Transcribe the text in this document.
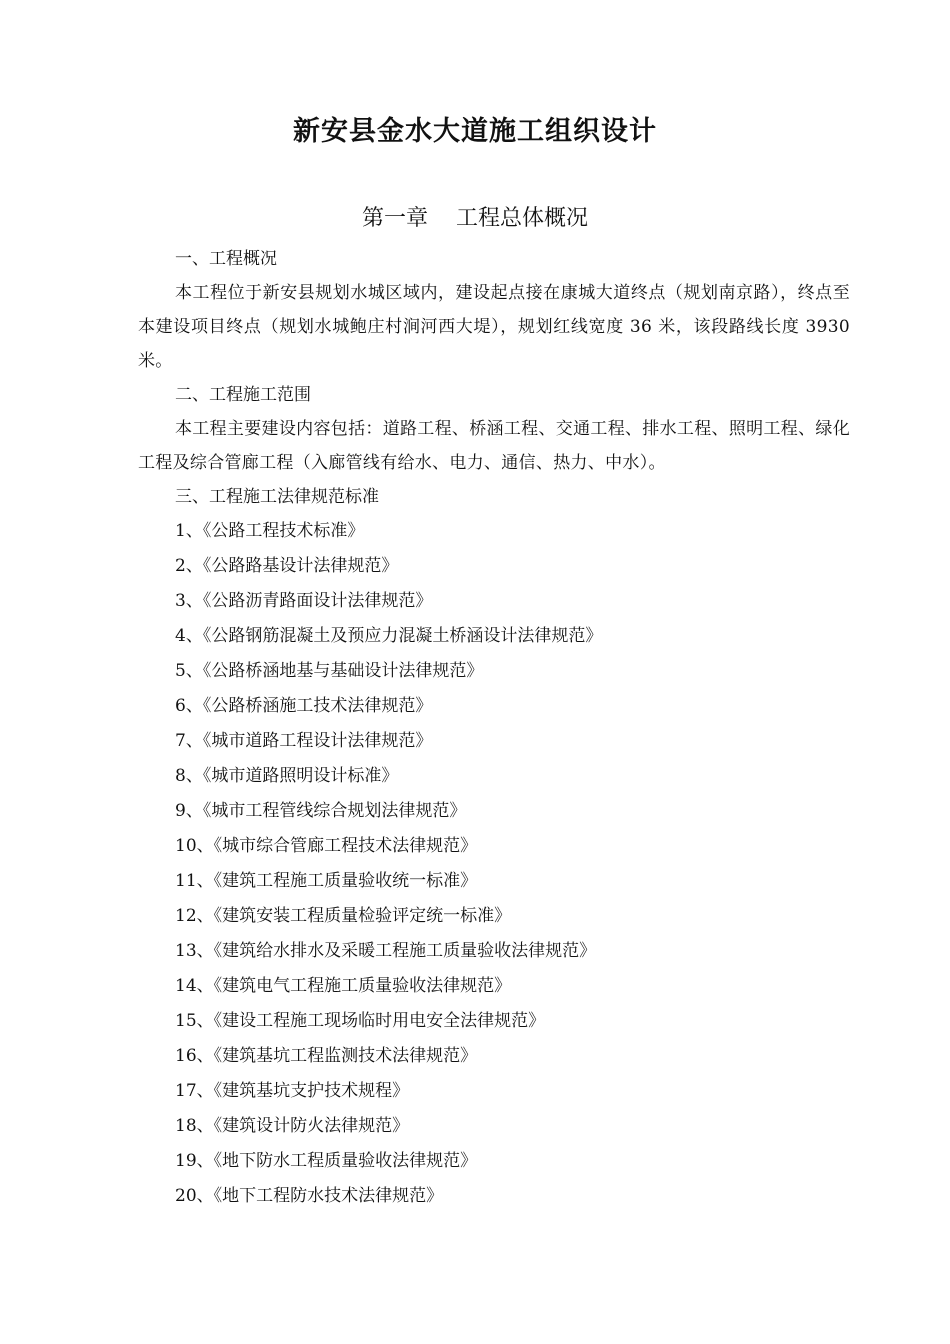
新安县金水大道施工组织设计
第一章    工程总体概况
一、工程概况

本工程位于新安县规划水城区域内，建设起点接在康城大道终点（规划南京路），终点至本建设项目终点（规划水城鲍庄村涧河西大堤），规划红线宽度 36 米，该段路线长度 3930 米。

二、工程施工范围

本工程主要建设内容包括：道路工程、桥涵工程、交通工程、排水工程、照明工程、绿化工程及综合管廊工程（入廊管线有给水、电力、通信、热力、中水）。

三、工程施工法律规范标准
1、《公路工程技术标准》
2、《公路路基设计法律规范》
3、《公路沥青路面设计法律规范》
4、《公路钢筋混凝土及预应力混凝土桥涵设计法律规范》
5、《公路桥涵地基与基础设计法律规范》
6、《公路桥涵施工技术法律规范》
7、《城市道路工程设计法律规范》
8、《城市道路照明设计标准》
9、《城市工程管线综合规划法律规范》
10、《城市综合管廊工程技术法律规范》
11、《建筑工程施工质量验收统一标准》
12、《建筑安装工程质量检验评定统一标准》
13、《建筑给水排水及采暖工程施工质量验收法律规范》
14、《建筑电气工程施工质量验收法律规范》
15、《建设工程施工现场临时用电安全法律规范》
16、《建筑基坑工程监测技术法律规范》
17、《建筑基坑支护技术规程》
18、《建筑设计防火法律规范》
19、《地下防水工程质量验收法律规范》
20、《地下工程防水技术法律规范》
